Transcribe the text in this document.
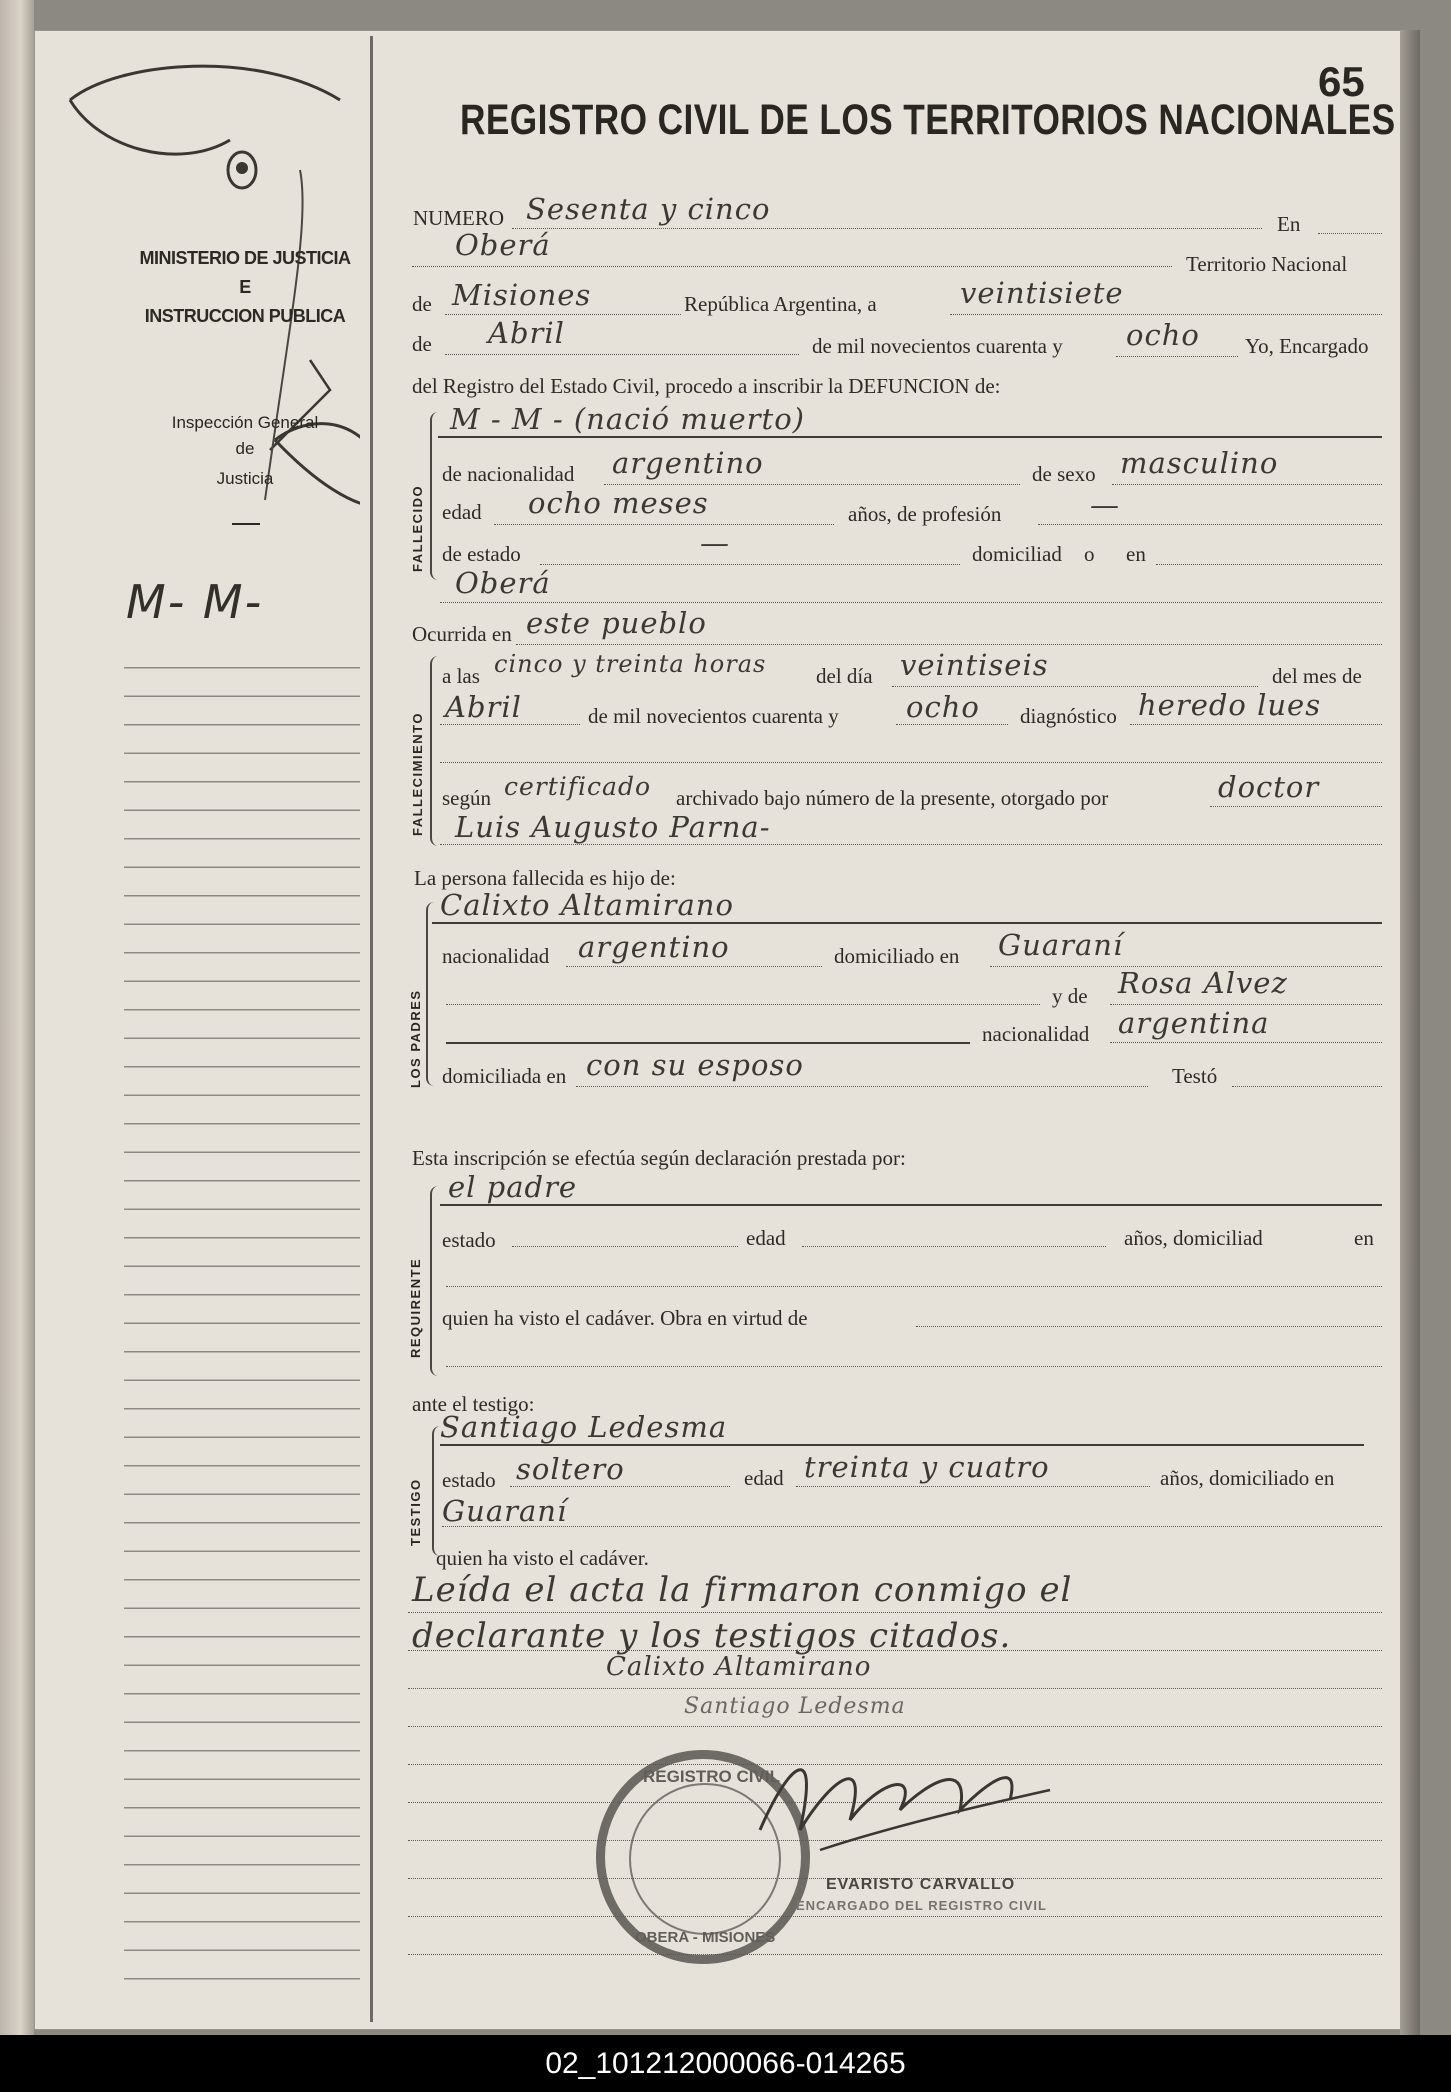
MINISTERIO DE JUSTICIA
E
INSTRUCCION PUBLICA
Inspección General
de
Justicia
M- M-
65
REGISTRO CIVIL DE LOS TERRITORIOS NACIONALES
NUMERO Sesenta y cinco	En
Oberá
Territorio Nacional
de Misiones	República Argentina, a	veintisiete
de Abril	de mil novecientos cuarenta y ocho Yo, Encargado
del Registro del Estado Civil, procedo a inscribir la DEFUNCION de:
FALLECIDO
M - M - (nació muerto)
de nacionalidad argentino	de sexo masculino
edad ocho meses	años, de profesión	—
de estado	—	domiciliad o en
Oberá
Ocurrida en este pueblo
FALLECIMIENTO
a las cinco y treinta horas del día veintiseis	del mes de
Abril	de mil novecientos cuarenta y ocho diagnóstico heredo lues
según certificado archivado bajo número de la presente, otorgado por	doctor
Luis Augusto Parna-
La persona fallecida es hijo de:
LOS PADRES
Calixto Altamirano
nacionalidad argentino	domiciliado en Guaraní
y de Rosa Alvez
nacionalidad argentina
domiciliada en con su esposo	Testó
Esta inscripción se efectúa según declaración prestada por:
REQUIRENTE
el padre
estado	edad	años, domiciliad	en
quien ha visto el cadáver. Obra en virtud de
ante el testigo:
TESTIGO
Santiago Ledesma
estado soltero	edad treinta y cuatro	años, domiciliado en
Guaraní
quien ha visto el cadáver.
Leída el acta la firmaron conmigo el
declarante y los testigos citados.
Calixto Altamirano
Santiago Ledesma
REGISTRO CIVIL
OBERA - MISIONES
EVARISTO CARVALLO
ENCARGADO DEL REGISTRO CIVIL
02_101212000066-014265
